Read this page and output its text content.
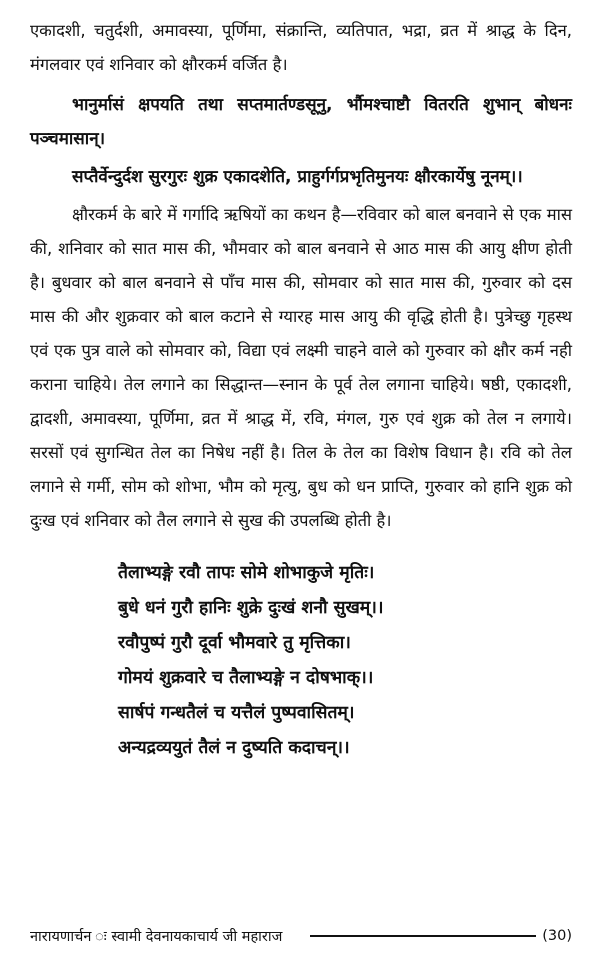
एकादशी, चतुर्दशी, अमावस्या, पूर्णिमा, संक्रान्ति, व्यतिपात, भद्रा, व्रत में श्राद्ध के दिन, मंगलवार एवं शनिवार को क्षौरकर्म वर्जित है।

भानुर्मासं क्षपयति तथा सप्तमार्तण्डसूनु, र्भौमश्चाष्टौ वितरति शुभान् बोधनः पञ्चमासान्।

सप्तैर्वेन्दुर्दश सुरगुरः शुक्र एकादशेति, प्राहुर्गर्गप्रभृतिमुनयः क्षौरकार्येषु नूनम्।।

क्षौरकर्म के बारे में गर्गादि ऋषियों का कथन है—रविवार को बाल बनवाने से एक मास की, शनिवार को सात मास की, भौमवार को बाल बनवाने से आठ मास की आयु क्षीण होती है। बुधवार को बाल बनवाने से पाँच मास की, सोमवार को सात मास की, गुरुवार को दस मास की और शुक्रवार को बाल कटाने से ग्यारह मास आयु की वृद्धि होती है। पुत्रेच्छु गृहस्थ एवं एक पुत्र वाले को सोमवार को, विद्या एवं लक्ष्मी चाहने वाले को गुरुवार को क्षौर कर्म नही कराना चाहिये। तेल लगाने का सिद्धान्त—स्नान के पूर्व तेल लगाना चाहिये। षष्ठी, एकादशी, द्वादशी, अमावस्या, पूर्णिमा, व्रत में श्राद्ध में, रवि, मंगल, गुरु एवं शुक्र को तेल न लगाये। सरसों एवं सुगन्धित तेल का निषेध नहीं है। तिल के तेल का विशेष विधान है। रवि को तेल लगाने से गर्मी, सोम को शोभा, भौम को मृत्यु, बुध को धन प्राप्ति, गुरुवार को हानि शुक्र को दुःख एवं शनिवार को तैल लगाने से सुख की उपलब्धि होती है।

तैलाभ्यङ्गे रवौ तापः सोमे शोभाकुजे मृतिः।

बुधे धनं गुरौ हानिः शुक्रे दुःखं शनौ सुखम्।।

रवौपुष्पं गुरौ दूर्वा भौमवारे तु मृत्तिका।

गोमयं शुक्रवारे च तैलाभ्यङ्गे न दोषभाक्।।

सार्षपं गन्धतैलं च यत्तैलं पुष्पवासितम्।

अन्यद्रव्ययुतं तैलं न दुष्यति कदाचन्।।

नारायणार्चन ः स्वामी देवनायकाचार्य जी महाराज	(30)
